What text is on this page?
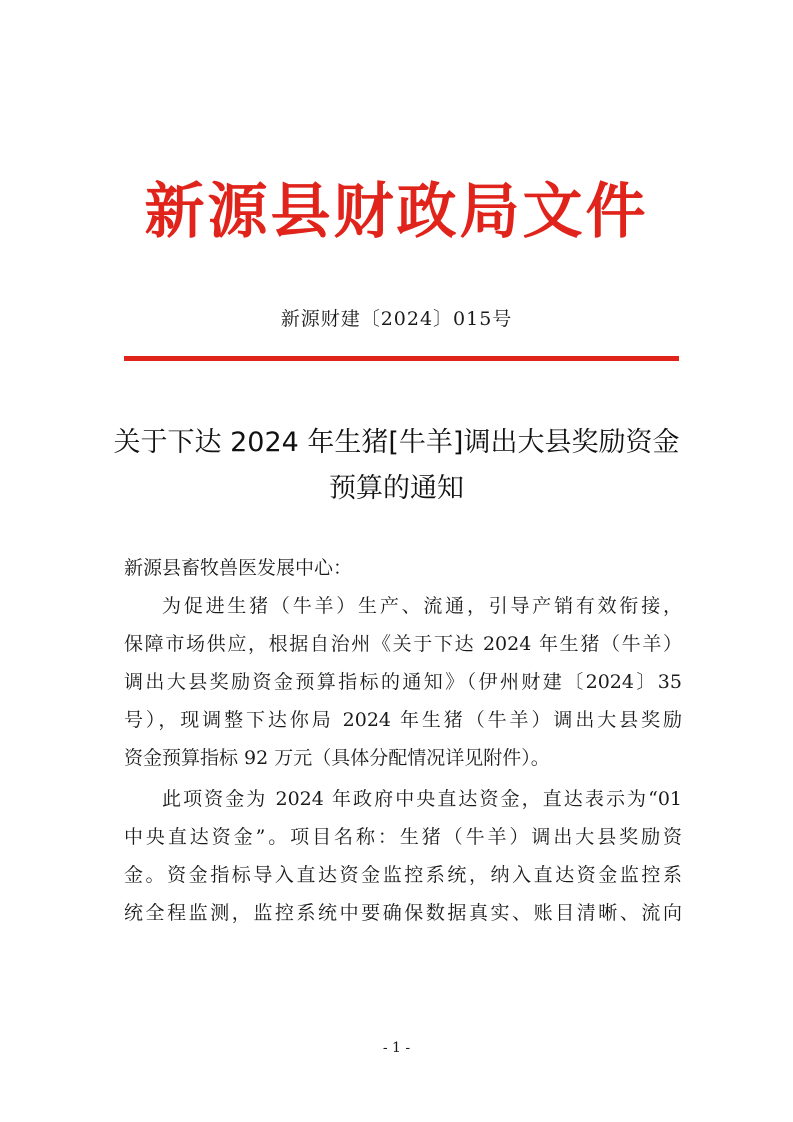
新源县财政局文件
新源财建〔2024〕015号
关于下达 2024 年生猪[牛羊]调出大县奖励资金
预算的通知
新源县畜牧兽医发展中心：
为促进生猪（牛羊）生产、流通，引导产销有效衔接，
保障市场供应，根据自治州《关于下达 2024 年生猪（牛羊）
调出大县奖励资金预算指标的通知》（伊州财建〔2024〕35
号），现调整下达你局 2024 年生猪（牛羊）调出大县奖励
资金预算指标 92 万元（具体分配情况详见附件）。
此项资金为 2024 年政府中央直达资金，直达表示为“01
中央直达资金”。项目名称：生猪（牛羊）调出大县奖励资
金。资金指标导入直达资金监控系统，纳入直达资金监控系
统全程监测，监控系统中要确保数据真实、账目清晰、流向
- 1 -
